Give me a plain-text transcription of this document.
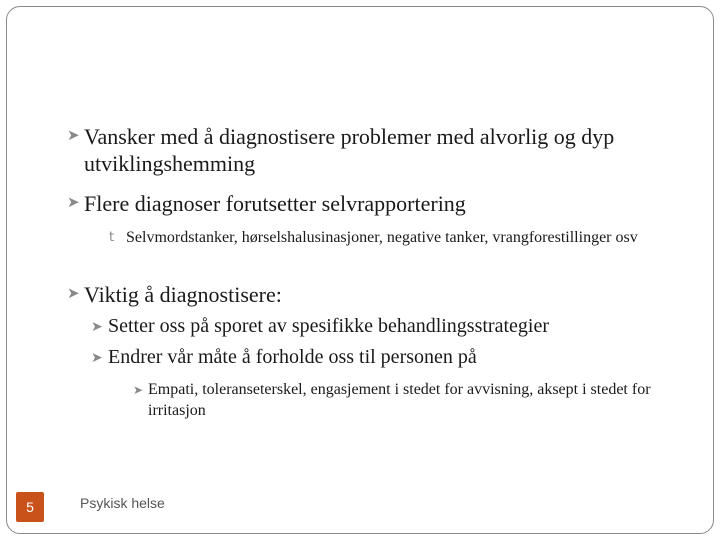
➤ Vansker med å diagnostisere problemer med alvorlig og dyp utviklingshemming
➤ Flere diagnoser forutsetter selvrapportering
t Selvmordstanker, hørselshalusinasjoner, negative tanker, vrangforestillinger osv
➤ Viktig å diagnostisere:
➤ Setter oss på sporet av spesifikke behandlingsstrategier
➤ Endrer vår måte å forholde oss til personen på
➤ Empati, toleranseterskel, engasjement i stedet for avvisning, aksept i stedet for irritasjon
5	Psykisk helse
